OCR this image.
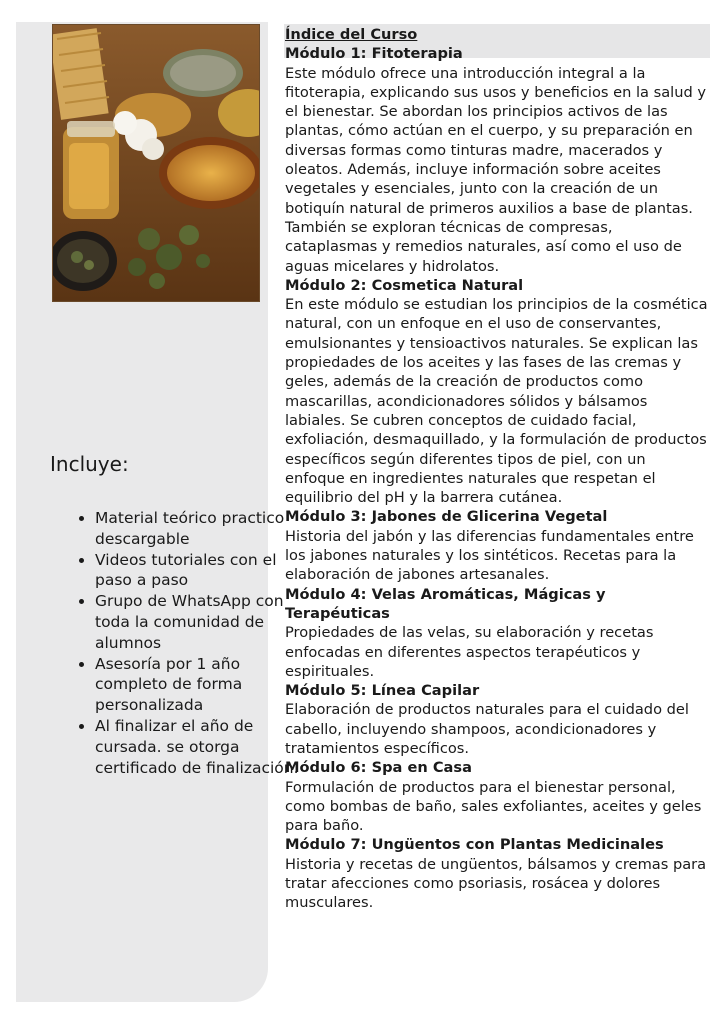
Incluye:
• Material teórico practico descargable
• Videos tutoriales con el paso a paso
• Grupo de WhatsApp con toda la comunidad de alumnos
• Asesoría por 1 año completo de forma personalizada
• Al finalizar el año de cursada. se otorga certificado de finalización.

Índice del Curso

Módulo 1: Fitoterapia

Este módulo ofrece una introducción integral a la fitoterapia, explicando sus usos y beneficios en la salud y el bienestar. Se abordan los principios activos de las plantas, cómo actúan en el cuerpo, y su preparación en diversas formas como tinturas madre, macerados y oleatos. Además, incluye información sobre aceites vegetales y esenciales, junto con la creación de un botiquín natural de primeros auxilios a base de plantas. También se exploran técnicas de compresas, cataplasmas y remedios naturales, así como el uso de aguas micelares y hidrolatos.

Módulo 2: Cosmetica Natural

En este módulo se estudian los principios de la cosmética natural, con un enfoque en el uso de conservantes, emulsionantes y tensioactivos naturales. Se explican las propiedades de los aceites y las fases de las cremas y geles, además de la creación de productos como mascarillas, acondicionadores sólidos y bálsamos labiales. Se cubren conceptos de cuidado facial, exfoliación, desmaquillado, y la formulación de productos específicos según diferentes tipos de piel, con un enfoque en ingredientes naturales que respetan el equilibrio del pH y la barrera cutánea.

Módulo 3: Jabones de Glicerina Vegetal

Historia del jabón y las diferencias fundamentales entre los jabones naturales y los sintéticos. Recetas para la elaboración de jabones artesanales.

Módulo 4: Velas Aromáticas, Mágicas y Terapéuticas

Propiedades de las velas, su elaboración y recetas enfocadas en diferentes aspectos terapéuticos y espirituales.

Módulo 5: Línea Capilar

Elaboración de productos naturales para el cuidado del cabello, incluyendo shampoos, acondicionadores y tratamientos específicos.

Módulo 6: Spa en Casa

Formulación de productos para el bienestar personal, como bombas de baño, sales exfoliantes, aceites y geles para baño.

Módulo 7: Ungüentos con Plantas Medicinales

Historia y recetas de ungüentos, bálsamos y cremas para tratar afecciones como psoriasis, rosácea y dolores musculares.
